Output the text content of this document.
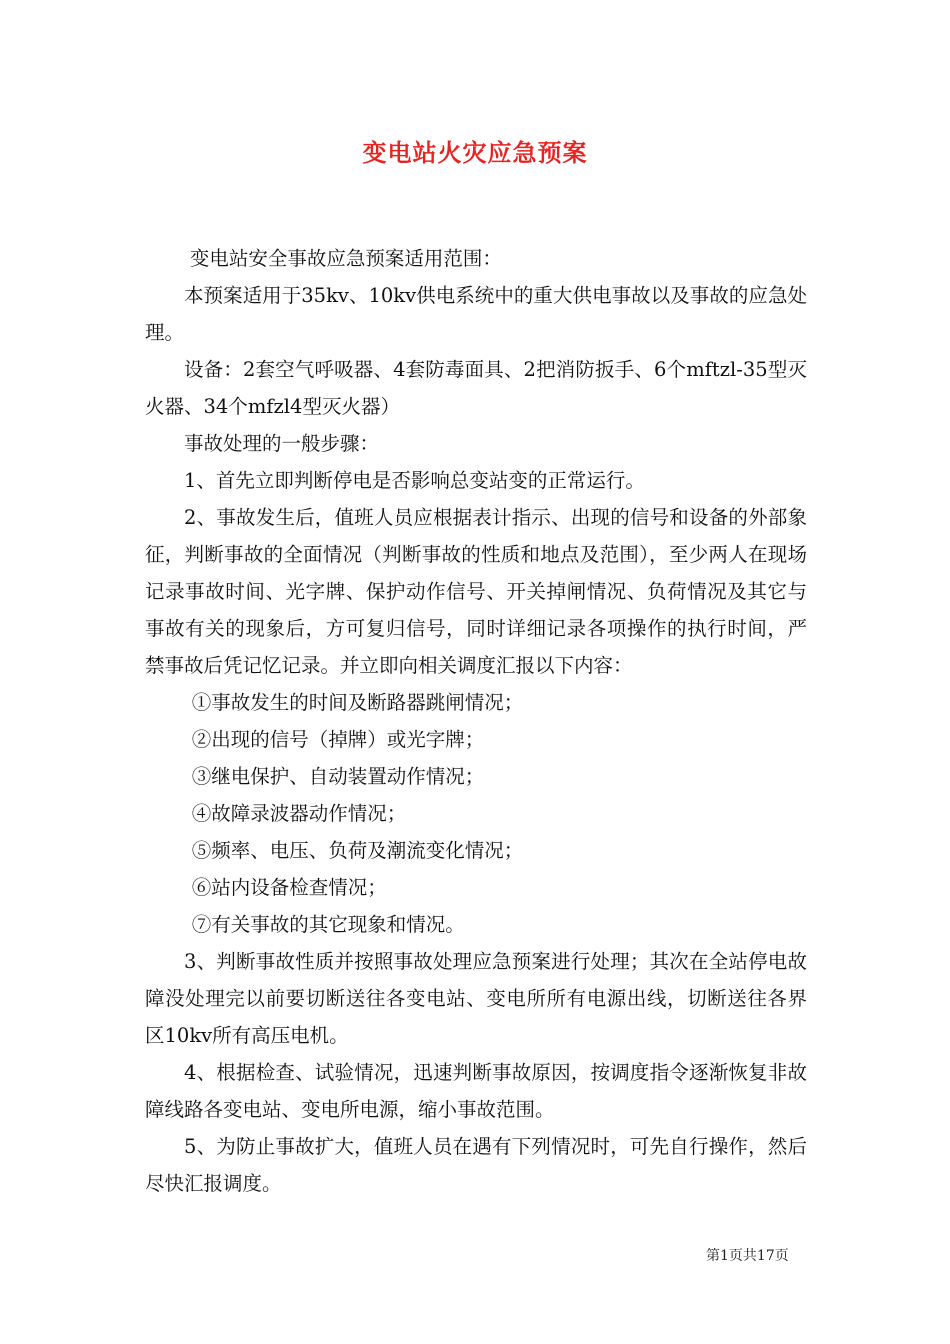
变电站火灾应急预案

变电站安全事故应急预案适用范围：

本预案适用于35kv、10kv供电系统中的重大供电事故以及事故的应急处理。

设备：2套空气呼吸器、4套防毒面具、2把消防扳手、6个mftzl-35型灭火器、34个mfzl4型灭火器）

事故处理的一般步骤：

1、首先立即判断停电是否影响总变站变的正常运行。

2、事故发生后，值班人员应根据表计指示、出现的信号和设备的外部象征，判断事故的全面情况（判断事故的性质和地点及范围），至少两人在现场记录事故时间、光字牌、保护动作信号、开关掉闸情况、负荷情况及其它与事故有关的现象后，方可复归信号，同时详细记录各项操作的执行时间，严禁事故后凭记忆记录。并立即向相关调度汇报以下内容：

①事故发生的时间及断路器跳闸情况；

②出现的信号（掉牌）或光字牌；

③继电保护、自动装置动作情况；

④故障录波器动作情况；

⑤频率、电压、负荷及潮流变化情况；

⑥站内设备检查情况；

⑦有关事故的其它现象和情况。

3、判断事故性质并按照事故处理应急预案进行处理；其次在全站停电故障没处理完以前要切断送往各变电站、变电所所有电源出线，切断送往各界区10kv所有高压电机。

4、根据检查、试验情况，迅速判断事故原因，按调度指令逐渐恢复非故障线路各变电站、变电所电源，缩小事故范围。

5、为防止事故扩大，值班人员在遇有下列情况时，可先自行操作，然后尽快汇报调度。

第1页共17页
